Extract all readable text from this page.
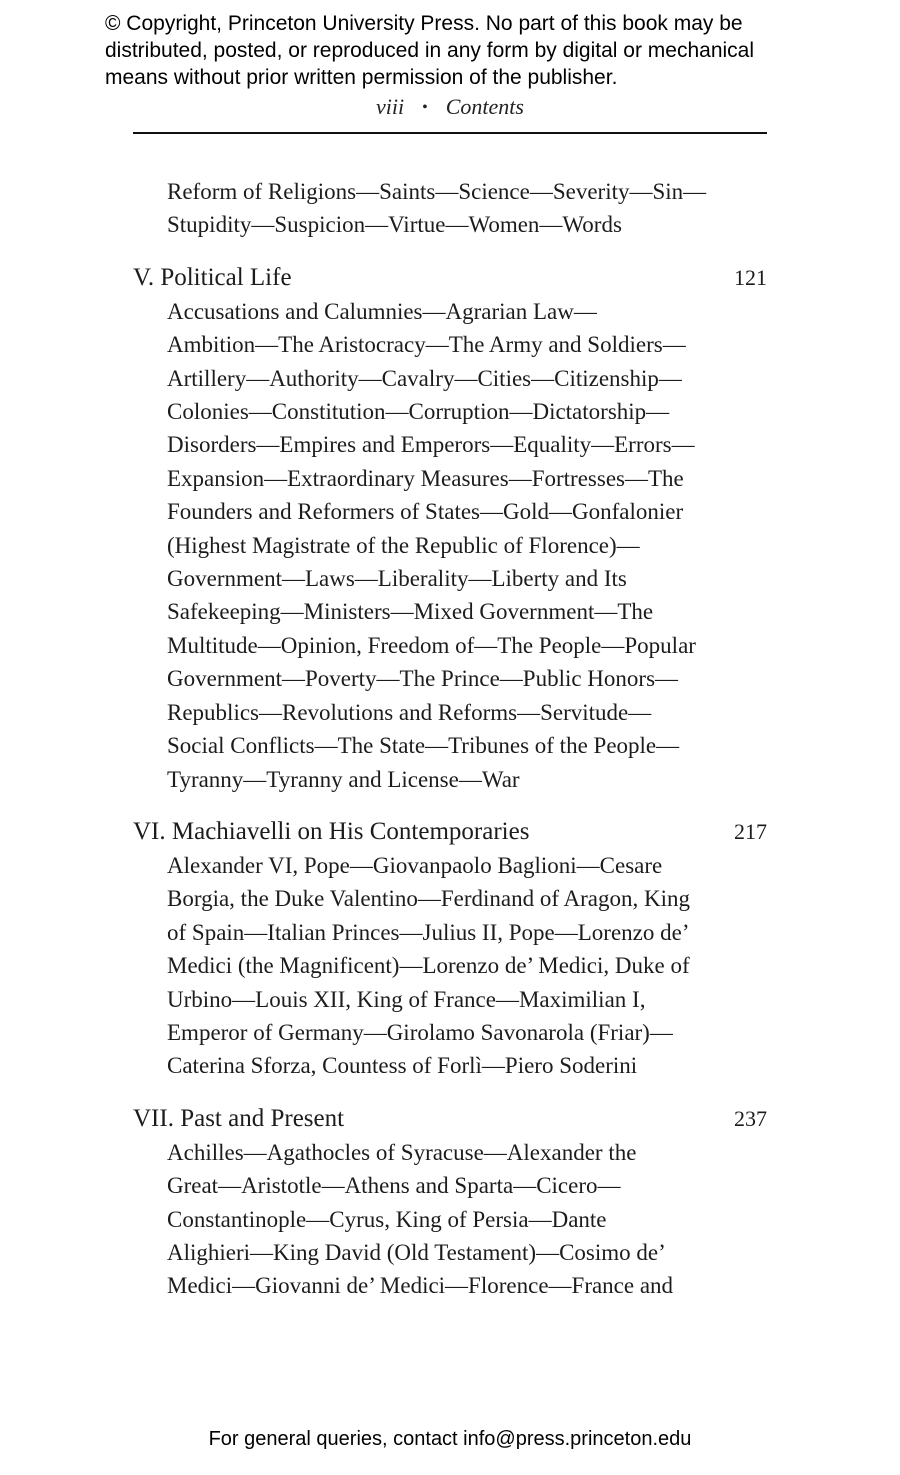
© Copyright, Princeton University Press. No part of this book may be
distributed, posted, or reproduced in any form by digital or mechanical
means without prior written permission of the publisher.
viii • Contents
Reform of Religions—Saints—Science—Severity—Sin—
Stupidity—Suspicion—Virtue—Women—Words
V. Political Life	121
Accusations and Calumnies—Agrarian Law—
Ambition—The Aristocracy—The Army and Soldiers—
Artillery—Authority—Cavalry—Cities—Citizenship—
Colonies—Constitution—Corruption—Dictatorship—
Disorders—Empires and Emperors—Equality—Errors—
Expansion—Extraordinary Measures—Fortresses—The
Founders and Reformers of States—Gold—Gonfalonier
(Highest Magistrate of the Republic of Florence)—
Government—Laws—Liberality—Liberty and Its
Safekeeping—Ministers—Mixed Government—The
Multitude—Opinion, Freedom of—The People—Popular
Government—Poverty—The Prince—Public Honors—
Republics—Revolutions and Reforms—Servitude—
Social Conflicts—The State—Tribunes of the People—
Tyranny—Tyranny and License—War
VI. Machiavelli on His Contemporaries	217
Alexander VI, Pope—Giovanpaolo Baglioni—Cesare
Borgia, the Duke Valentino—Ferdinand of Aragon, King
of Spain—Italian Princes—Julius II, Pope—Lorenzo de’
Medici (the Magnificent)—Lorenzo de’ Medici, Duke of
Urbino—Louis XII, King of France—Maximilian I,
Emperor of Germany—Girolamo Savonarola (Friar)—
Caterina Sforza, Countess of Forlì—Piero Soderini
VII. Past and Present	237
Achilles—Agathocles of Syracuse—Alexander the
Great—Aristotle—Athens and Sparta—Cicero—
Constantinople—Cyrus, King of Persia—Dante
Alighieri—King David (Old Testament)—Cosimo de’
Medici—Giovanni de’ Medici—Florence—France and
For general queries, contact info@press.princeton.edu
